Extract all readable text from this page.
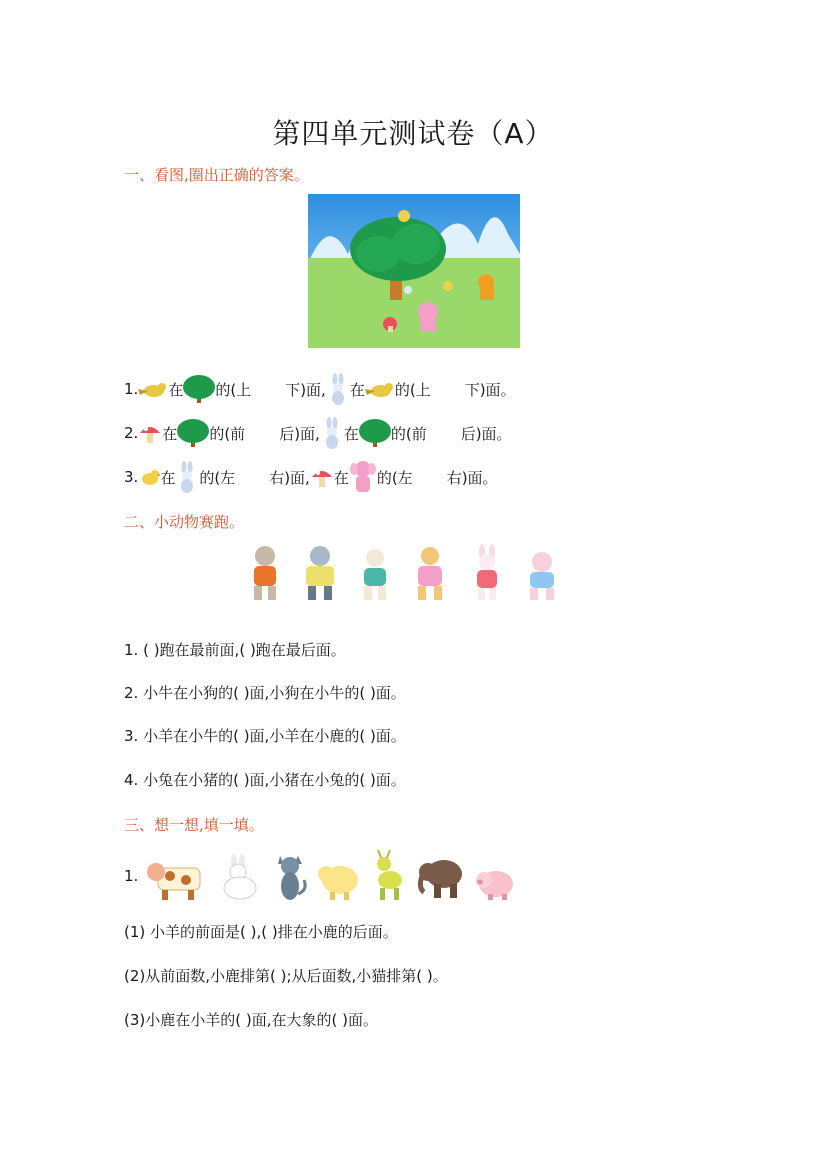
第四单元测试卷（A）
一、看图,圈出正确的答案。
1. 在 的(上 下)面, 在 的(上 下)面。
2. 在 的(前 后)面, 在 的(前 后)面。
3. 在 的(左 右)面, 在 的(左 右)面。
二、小动物赛跑。
1. ( )跑在最前面,( )跑在最后面。
2. 小牛在小狗的( )面,小狗在小牛的( )面。
3. 小羊在小牛的( )面,小羊在小鹿的( )面。
4. 小兔在小猪的( )面,小猪在小兔的( )面。
三、想一想,填一填。
1.
(1) 小羊的前面是( ),( )排在小鹿的后面。
(2)从前面数,小鹿排第( );从后面数,小猫排第( )。
(3)小鹿在小羊的( )面,在大象的( )面。
